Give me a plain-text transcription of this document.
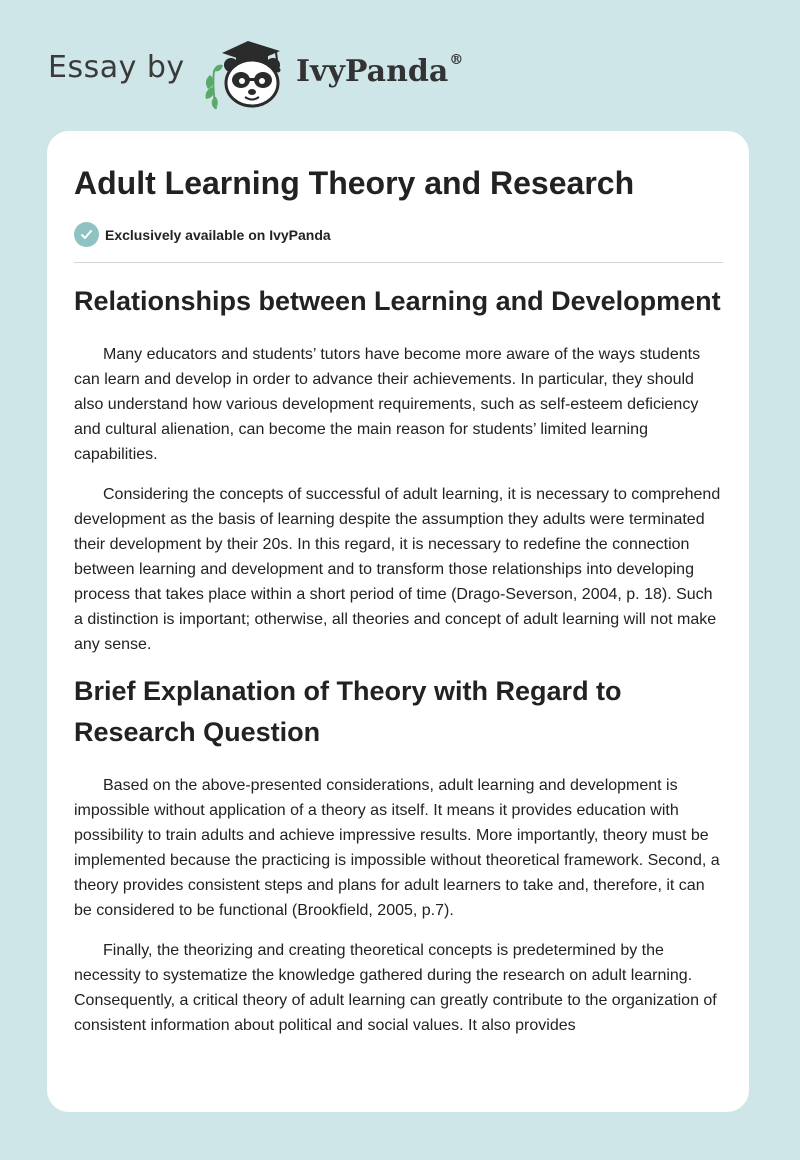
Essay by	IvyPanda®
Adult Learning Theory and Research
Exclusively available on IvyPanda
Relationships between Learning and Development

Many educators and students’ tutors have become more aware of the ways students can learn and develop in order to advance their achievements. In particular, they should also understand how various development requirements, such as self-esteem deficiency and cultural alienation, can become the main reason for students’ limited learning capabilities.

Considering the concepts of successful of adult learning, it is necessary to comprehend development as the basis of learning despite the assumption they adults were terminated their development by their 20s. In this regard, it is necessary to redefine the connection between learning and development and to transform those relationships into developing process that takes place within a short period of time (Drago-Severson, 2004, p. 18). Such a distinction is important; otherwise, all theories and concept of adult learning will not make any sense.

Brief Explanation of Theory with Regard to Research Question

Based on the above-presented considerations, adult learning and development is impossible without application of a theory as itself. It means it provides education with possibility to train adults and achieve impressive results. More importantly, theory must be implemented because the practicing is impossible without theoretical framework. Second, a theory provides consistent steps and plans for adult learners to take and, therefore, it can be considered to be functional (Brookfield, 2005, p.7).

Finally, the theorizing and creating theoretical concepts is predetermined by the necessity to systematize the knowledge gathered during the research on adult learning. Consequently, a critical theory of adult learning can greatly contribute to the organization of consistent information about political and social values. It also provides
